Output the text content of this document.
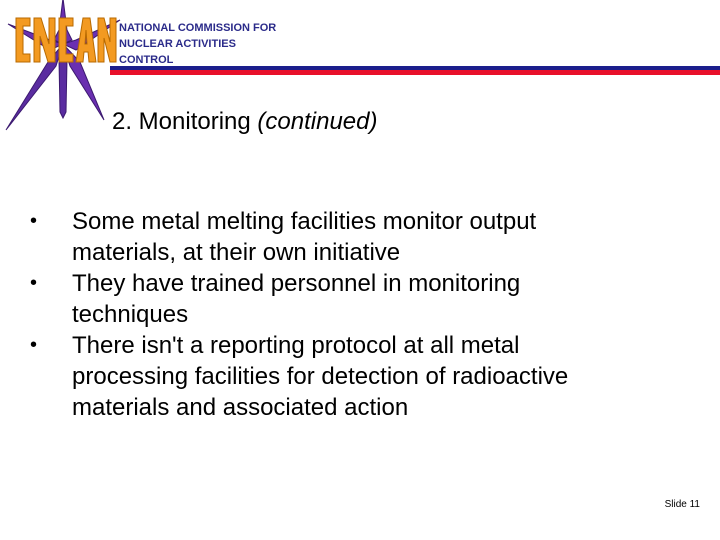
NATIONAL COMMISSION FOR
NUCLEAR ACTIVITIES
CONTROL
2. Monitoring (continued)
•	Some metal melting facilities monitor output
materials, at their own initiative
•	They have trained personnel in monitoring
techniques
•	There isn't a reporting protocol at all metal
processing facilities for detection of radioactive
materials and associated action
Slide 11
